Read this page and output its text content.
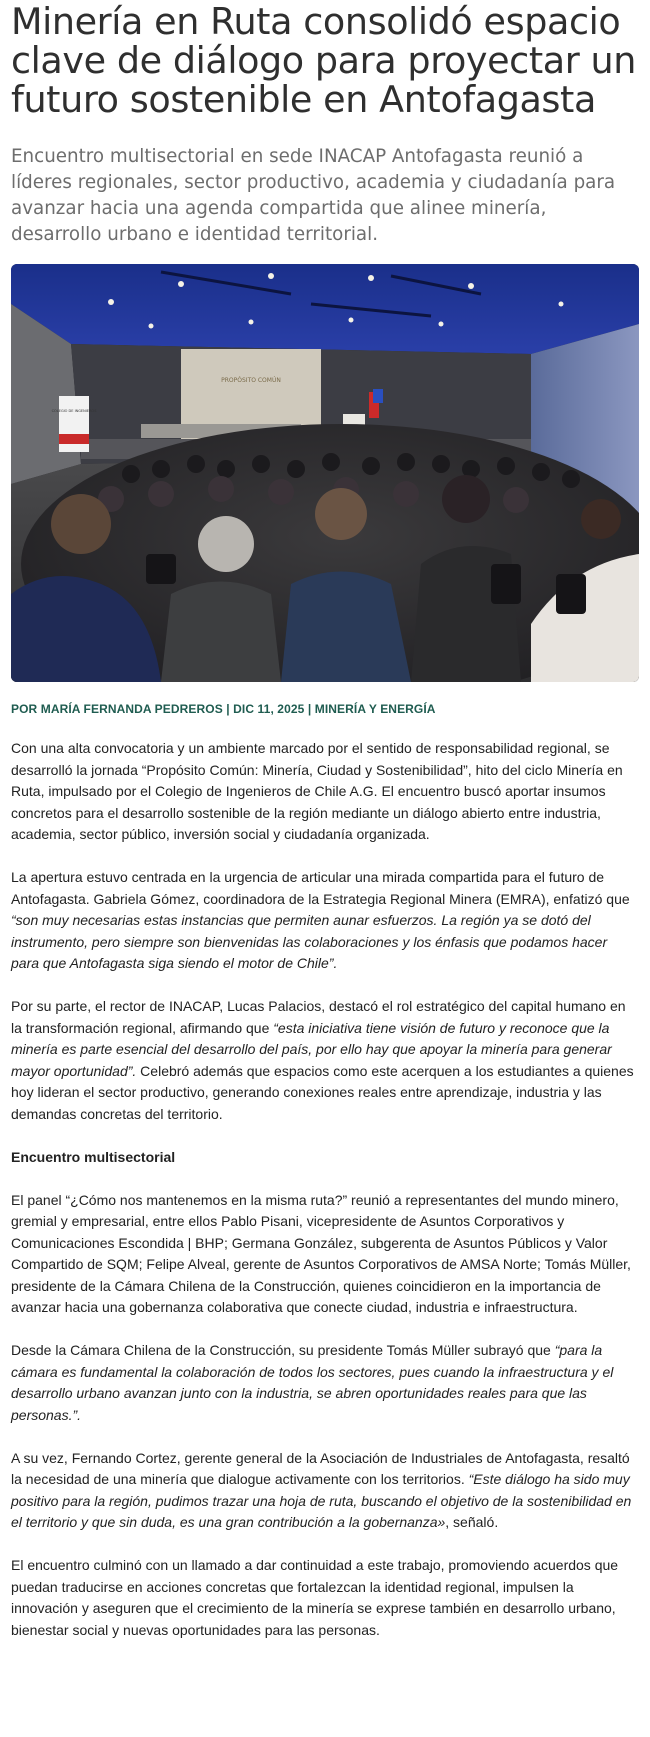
Minería en Ruta consolidó espacio clave de diálogo para proyectar un futuro sostenible en Antofagasta

Encuentro multisectorial en sede INACAP Antofagasta reunió a líderes regionales, sector productivo, academia y ciudadanía para avanzar hacia una agenda compartida que alinee minería, desarrollo urbano e identidad territorial.

PROPÓSITO COMÚN
COLEGIO DE INGENIEROS
POR MARÍA FERNANDA PEDREROS | DIC 11, 2025 | MINERÍA Y ENERGÍA

Con una alta convocatoria y un ambiente marcado por el sentido de responsabilidad regional, se desarrolló la jornada “Propósito Común: Minería, Ciudad y Sostenibilidad”, hito del ciclo Minería en Ruta, impulsado por el Colegio de Ingenieros de Chile A.G. El encuentro buscó aportar insumos concretos para el desarrollo sostenible de la región mediante un diálogo abierto entre industria, academia, sector público, inversión social y ciudadanía organizada.

La apertura estuvo centrada en la urgencia de articular una mirada compartida para el futuro de Antofagasta. Gabriela Gómez, coordinadora de la Estrategia Regional Minera (EMRA), enfatizó que “son muy necesarias estas instancias que permiten aunar esfuerzos. La región ya se dotó del instrumento, pero siempre son bienvenidas las colaboraciones y los énfasis que podamos hacer para que Antofagasta siga siendo el motor de Chile”.

Por su parte, el rector de INACAP, Lucas Palacios, destacó el rol estratégico del capital humano en la transformación regional, afirmando que “esta iniciativa tiene visión de futuro y reconoce que la minería es parte esencial del desarrollo del país, por ello hay que apoyar la minería para generar mayor oportunidad”. Celebró además que espacios como este acerquen a los estudiantes a quienes hoy lideran el sector productivo, generando conexiones reales entre aprendizaje, industria y las demandas concretas del territorio.

Encuentro multisectorial

El panel “¿Cómo nos mantenemos en la misma ruta?” reunió a representantes del mundo minero, gremial y empresarial, entre ellos Pablo Pisani, vicepresidente de Asuntos Corporativos y Comunicaciones Escondida | BHP; Germana González, subgerenta de Asuntos Públicos y Valor Compartido de SQM; Felipe Alveal, gerente de Asuntos Corporativos de AMSA Norte; Tomás Müller, presidente de la Cámara Chilena de la Construcción, quienes coincidieron en la importancia de avanzar hacia una gobernanza colaborativa que conecte ciudad, industria e infraestructura.

Desde la Cámara Chilena de la Construcción, su presidente Tomás Müller subrayó que “para la cámara es fundamental la colaboración de todos los sectores, pues cuando la infraestructura y el desarrollo urbano avanzan junto con la industria, se abren oportunidades reales para que las personas.”.

A su vez, Fernando Cortez, gerente general de la Asociación de Industriales de Antofagasta, resaltó la necesidad de una minería que dialogue activamente con los territorios. “Este diálogo ha sido muy positivo para la región, pudimos trazar una hoja de ruta, buscando el objetivo de la sostenibilidad en el territorio y que sin duda, es una gran contribución a la gobernanza», señaló.

El encuentro culminó con un llamado a dar continuidad a este trabajo, promoviendo acuerdos que puedan traducirse en acciones concretas que fortalezcan la identidad regional, impulsen la innovación y aseguren que el crecimiento de la minería se exprese también en desarrollo urbano, bienestar social y nuevas oportunidades para las personas.
